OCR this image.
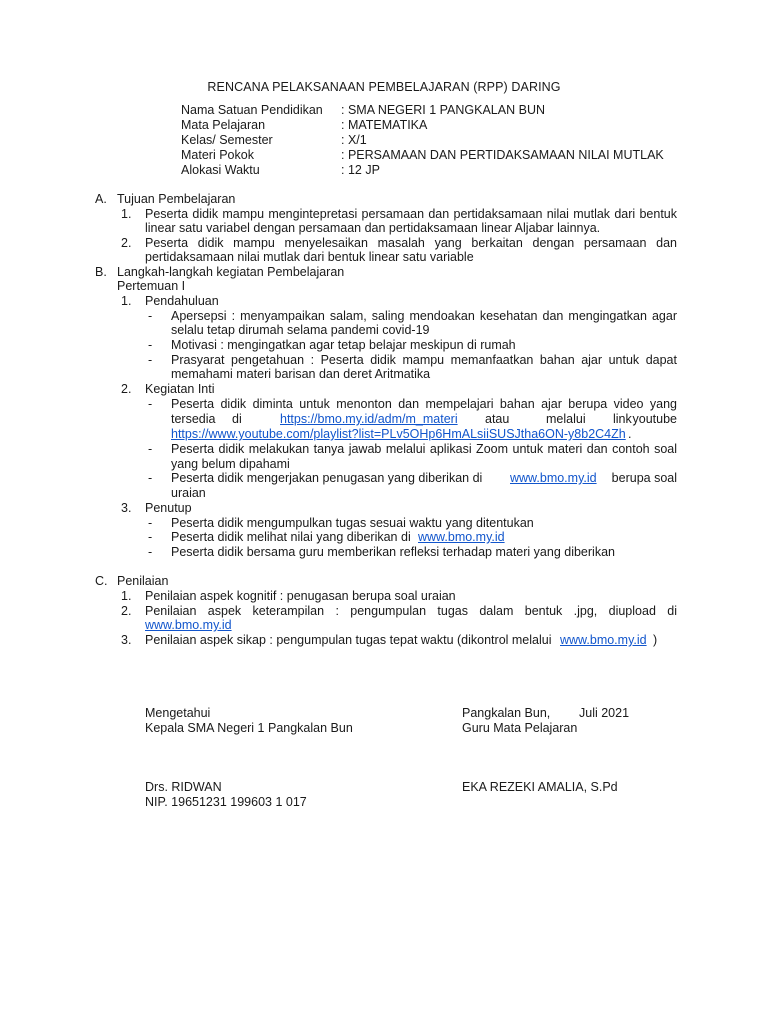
RENCANA PELAKSANAAN PEMBELAJARAN (RPP) DARING
Nama Satuan Pendidikan	: SMA NEGERI 1 PANGKALAN BUN
Mata Pelajaran	: MATEMATIKA
Kelas/ Semester	: X/1
Materi Pokok	: PERSAMAAN DAN PERTIDAKSAMAAN NILAI MUTLAK
Alokasi Waktu	: 12 JP
A. Tujuan Pembelajaran
1. Peserta didik mampu mengintepretasi persamaan dan pertidaksamaan nilai mutlak dari bentuk
linear satu variabel dengan persamaan dan pertidaksamaan linear Aljabar lainnya.
2. Peserta didik mampu menyelesaikan masalah yang berkaitan dengan persamaan dan
pertidaksamaan nilai mutlak dari bentuk linear satu variable
B. Langkah-langkah kegiatan Pembelajaran
Pertemuan I
1. Pendahuluan
- Apersepsi : menyampaikan salam, saling mendoakan kesehatan dan mengingatkan agar
selalu tetap dirumah selama pandemi covid-19
- Motivasi : mengingatkan agar tetap belajar meskipun di rumah
- Prasyarat pengetahuan : Peserta didik mampu memanfaatkan bahan ajar untuk dapat
memahami materi barisan dan deret Aritmatika
2. Kegiatan Inti
- Peserta didik diminta untuk menonton dan mempelajari bahan ajar berupa video yang
tersedia di	https://bmo.my.id/adm/m_materi atau	melalui link youtube
https://www.youtube.com/playlist?list=PLv5OHp6HmALsiiSUSJtha6ON-y8b2C4Zh .
- Peserta didik melakukan tanya jawab melalui aplikasi Zoom untuk materi dan contoh soal
yang belum dipahami
- Peserta didik mengerjakan penugasan yang diberikan di www.bmo.my.id	berupa soal
uraian
3. Penutup
- Peserta didik mengumpulkan tugas sesuai waktu yang ditentukan
- Peserta didik melihat nilai yang diberikan di www.bmo.my.id
- Peserta didik bersama guru memberikan refleksi terhadap materi yang diberikan
C. Penilaian
1. Penilaian aspek kognitif : penugasan berupa soal uraian
2. Penilaian aspek keterampilan : pengumpulan tugas dalam bentuk .jpg, diupload di
www.bmo.my.id
3. Penilaian aspek sikap : pengumpulan tugas tepat waktu (dikontrol melalui www.bmo.my.id )
Mengetahui
Kepala SMA Negeri 1 Pangkalan Bun
Drs. RIDWAN
NIP. 19651231 199603 1 017
Pangkalan Bun, Juli 2021
Guru Mata Pelajaran
EKA REZEKI AMALIA, S.Pd
